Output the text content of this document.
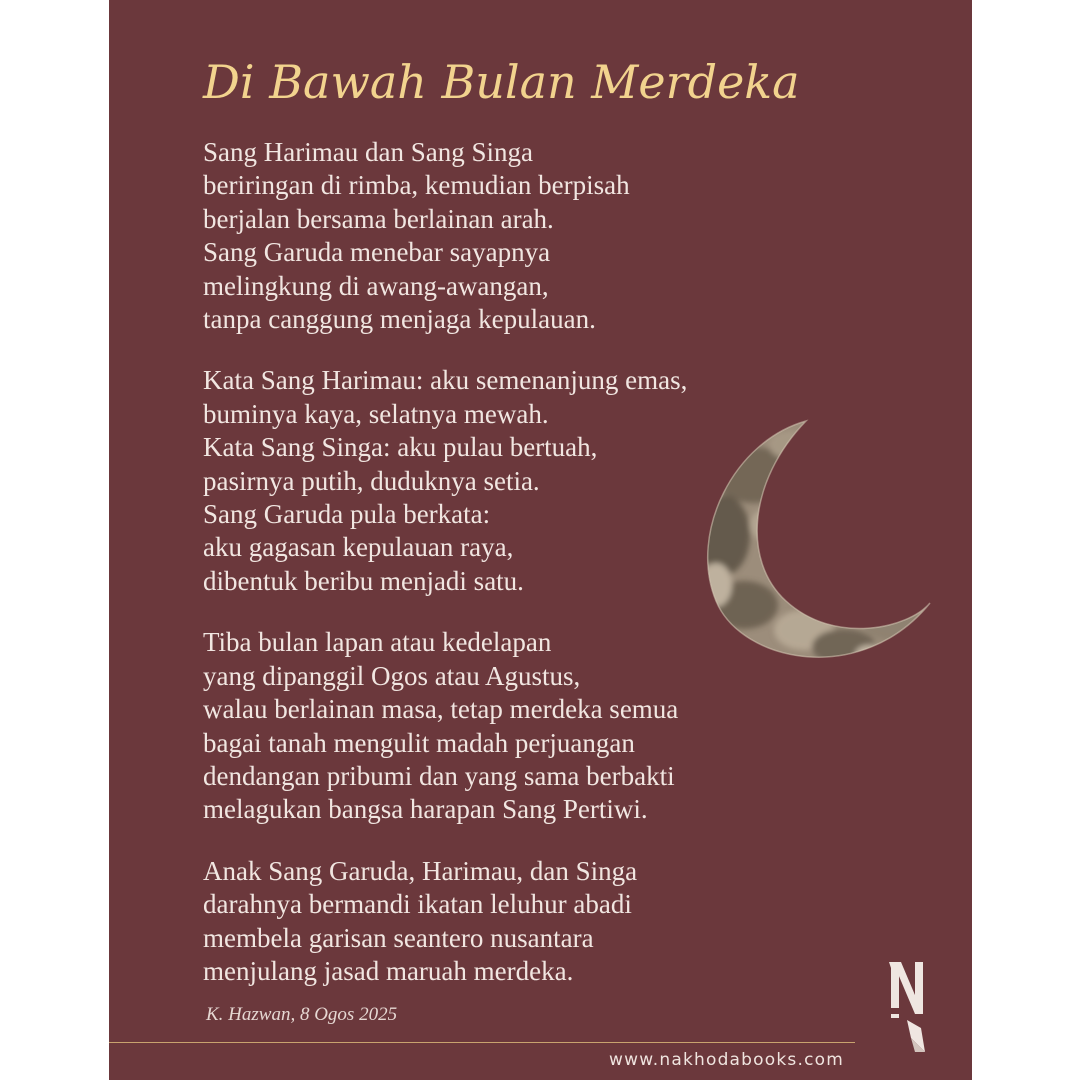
Di Bawah Bulan Merdeka

Sang Harimau dan Sang Singa
beriringan di rimba, kemudian berpisah
berjalan bersama berlainan arah.
Sang Garuda menebar sayapnya
melingkung di awang-awangan,
tanpa canggung menjaga kepulauan.

Kata Sang Harimau: aku semenanjung emas,
buminya kaya, selatnya mewah.
Kata Sang Singa: aku pulau bertuah,
pasirnya putih, duduknya setia.
Sang Garuda pula berkata:
aku gagasan kepulauan raya,
dibentuk beribu menjadi satu.

Tiba bulan lapan atau kedelapan
yang dipanggil Ogos atau Agustus,
walau berlainan masa, tetap merdeka semua
bagai tanah mengulit madah perjuangan
dendangan pribumi dan yang sama berbakti
melagukan bangsa harapan Sang Pertiwi.

Anak Sang Garuda, Harimau, dan Singa
darahnya bermandi ikatan leluhur abadi
membela garisan seantero nusantara
menjulang jasad maruah merdeka.

K. Hazwan, 8 Ogos 2025
www.nakhodabooks.com
